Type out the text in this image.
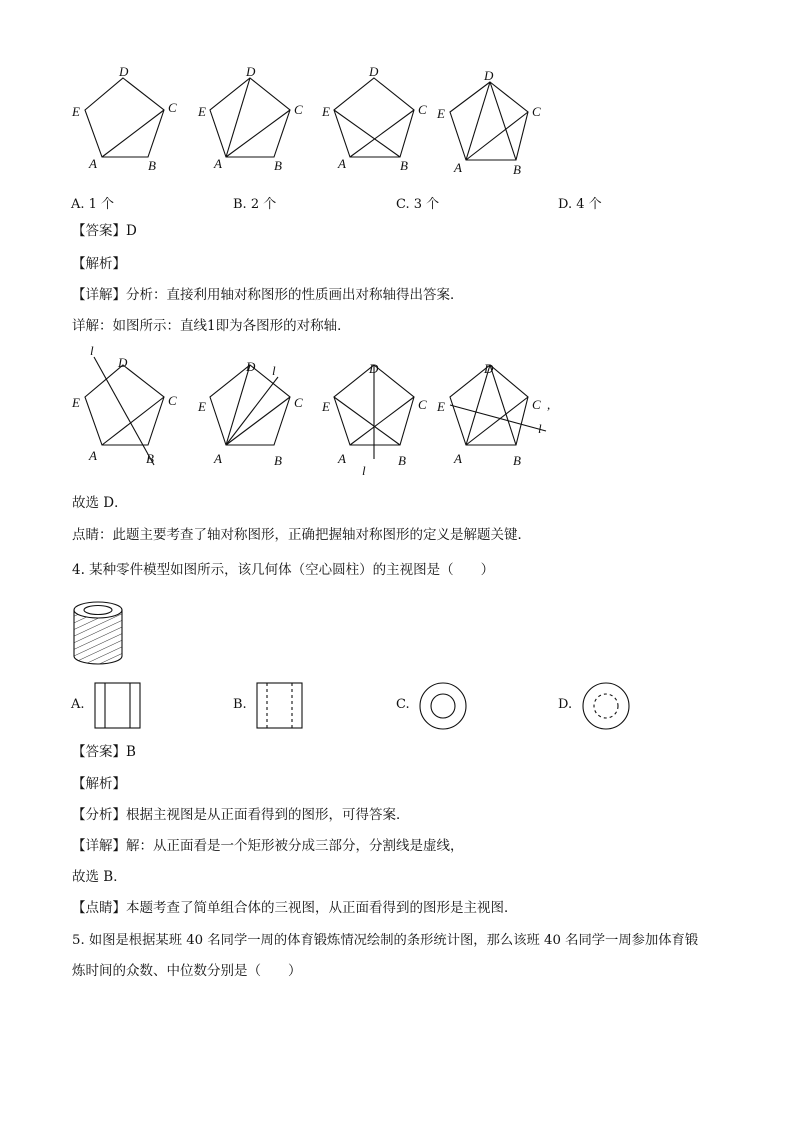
D
C
E
A	B
D
C
E
A	B
D
C
E
A	B
D
C
E
A	B
A. 1 个	B. 2 个	C. 3 个	D. 4 个
【答案】D
【解析】
【详解】分析：直接利用轴对称图形的性质画出对称轴得出答案．
详解：如图所示：直线1即为各图形的对称轴．
l
D
C
E
A	B
D l
C
E
A	B
D
C
E
A	B
l
D
C ,
E
A	B
l
故选 D．
点睛：此题主要考查了轴对称图形，正确把握轴对称图形的定义是解题关键．
4. 某种零件模型如图所示，该几何体（空心圆柱）的主视图是（　　）
A.	B.	C.	D.
【答案】B
【解析】
【分析】根据主视图是从正面看得到的图形，可得答案．
【详解】解：从正面看是一个矩形被分成三部分，分割线是虚线，
故选 B．
【点睛】本题考查了简单组合体的三视图，从正面看得到的图形是主视图．
5. 如图是根据某班 40 名同学一周的体育锻炼情况绘制的条形统计图，那么该班 40 名同学一周参加体育锻
炼时间的众数、中位数分别是（　　）
